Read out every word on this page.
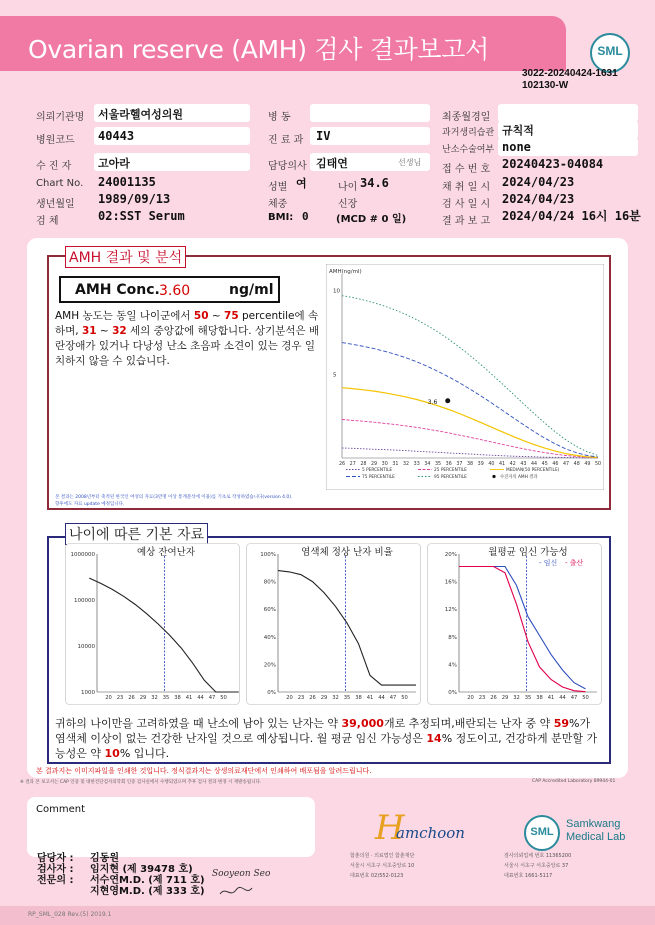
Ovarian reserve (AMH) 검사 결과보고서	SML
3022-20240424-1631
102130-W
의뢰기관명 서울라헬여성의원
병원코드 40443
수 진 자 고아라
Chart No. 24001135
생년월일 1989/09/13
검 체	02:SST Serum
병 동
진 료 과 IV
담당의사 김태연	선생님
성별 여	나이 34.6
체중	신장
BMI: 0	(MCD # 0 일)
최종월경일
과거생리습관 규칙적
난소수술여부 none
접 수 번 호 20240423-04084
채 취 일 시 2024/04/23
검 사 일 시 2024/04/23
결 과 보 고 2024/04/24 16시 16분
AMH 결과 및 분석
AMH Conc. 3.60	ng/ml
AMH 농도는 동일 나이군에서 50 ~ 75 percentile에 속하며, 31 ~ 32 세의 중앙값에 해당합니다. 상기분석은 배란장애가 있거나 다낭성 난소 초음파 소견이 있는 경우 일치하지 않을 수 있습니다.
본 결과는 2008년부터 축적된 한국인 여성의 자료(3만명 이상 통계분석에 이용)를 기초로 작성하였습니다(version 4.0).
향후에도 자료 update 예정입니다.
AMH(ng/ml)
5
10
26 27 28 29 30 31 32 33 34 35 36 37 38 39 40 41 42 43 44 45 46 47 48 49 50
3.6
5 PERCENTILE	25 PERCENTILE	MEDIAN(50 PERCENTILE)
75 PERCENTILE	95 PERCENTILE	수진자의 AMH 결과
나이에 따른 기본 자료
예상 잔여난자
1000000
100000
10000
1000
20 23 26 29 32 35 38 41 44 47 50
염색체 정상 난자 비율
100%
80%
60%
40%
20%
0%
20 23 26 29 32 35 38 41 44 47 50
월평균 임신 가능성
20%
16%
12%
8%
4%
0%
20 23 26 29 32 35 38 41 44 47 50
- 임신 - 출산
귀하의 나이만을 고려하였을 때 난소에 남아 있는 난자는 약 39,000개로 추정되며,배란되는 난자 중 약 59%가 염색체 이상이 없는 건강한 난자일 것으로 예상됩니다. 월 평균 임신 가능성은 14% 정도이고, 건강하게 분만할 가능성은 약 10% 입니다.
본 결과지는 이미지파일을 인쇄한 것입니다. 정식결과지는 상생의료재단에서 인쇄하여 배포됨을 알려드립니다.
※ 결과 본 보고서는 CAP 인증 및 대한진단검사의학회 인증 검사실에서 수행되었으며 추후 검사 결과 변경 시 재발송됩니다.	CAP Accredited Laboratory 89944-01
Comment
담당자 :
검사자 :
전문의 :
김동원
임지현 (제 39478 호)
서수연M.D. (제 711 호)
지현영M.D. (제 333 호)
Sooyeon Seo
H
amchoon
함춘의원 · 의료법인 함춘재단
서울시 서초구 서초중앙로 10
대표번호 02)552-0123
SML
Samkwang
Medical Lab
검사의뢰업체 번호 11365200
서울시 서초구 서초중앙로 37
대표번호 1661-5117
RP_SML_028 Rev.(5) 2019.1
